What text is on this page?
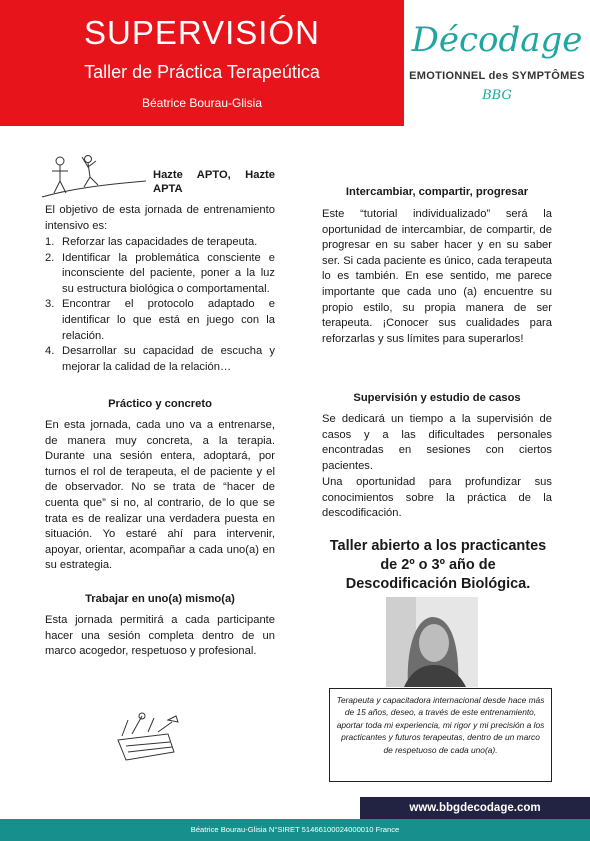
SUPERVISIÓN
Taller de Práctica Terapeútica
Béatrice Bourau-Glisia
Décodage
EMOTIONNEL des SYMPTÔMES
BBG
Hazte APTO, Hazte APTA
El objetivo de esta jornada de entrenamiento intensivo es:
1. Reforzar las capacidades de terapeuta.
2. Identificar la problemática consciente e inconsciente del paciente, poner a la luz su estructura biológica o comportamental.
3. Encontrar el protocolo adaptado e identificar lo que está en juego con la relación.
4. Desarrollar su capacidad de escucha y mejorar la calidad de la relación…
Práctico y concreto
En esta jornada, cada uno va a entrenarse, de manera muy concreta, a la terapia. Durante una sesión entera, adoptará, por turnos el rol de terapeuta, el de paciente y el de observador. No se trata de “hacer de cuenta que” si no, al contrario, de lo que se trata es de realizar una verdadera puesta en situación. Yo estaré ahí para intervenir, apoyar, orientar, acompañar a cada uno(a) en su estrategia.
Trabajar en uno(a) mismo(a)
Esta jornada permitirá a cada participante hacer una sesión completa dentro de un marco acogedor, respetuoso y profesional.
Intercambiar, compartir, progresar
Este “tutorial individualizado” será la oportunidad de intercambiar, de compartir, de progresar en su saber hacer y en su saber ser. Si cada paciente es único, cada terapeuta lo es también. En ese sentido, me parece importante que cada uno (a) encuentre su propio estilo, su propia manera de ser terapeuta. ¡Conocer sus cualidades para reforzarlas y sus límites para superarlos!
Supervisión y estudio de casos
Se dedicará un tiempo a la supervisión de casos y a las dificultades personales encontradas en sesiones con ciertos pacientes.
Una oportunidad para profundizar sus conocimientos sobre la práctica de la descodificación.
Taller abierto a los practicantes
de 2º o 3º año de
Descodificación Biológica.
Terapeuta y capacitadora internacional desde hace más de 15 años, deseo, a través de este entrenamiento, aportar toda mi experiencia, mi rigor y mi precisión a los practicantes y futuros terapeutas, dentro de un marco de respetuoso de cada uno(a).
www.bbgdecodage.com
Béatrice Bourau-Glisia N°SIRET 51466100024000010 France
